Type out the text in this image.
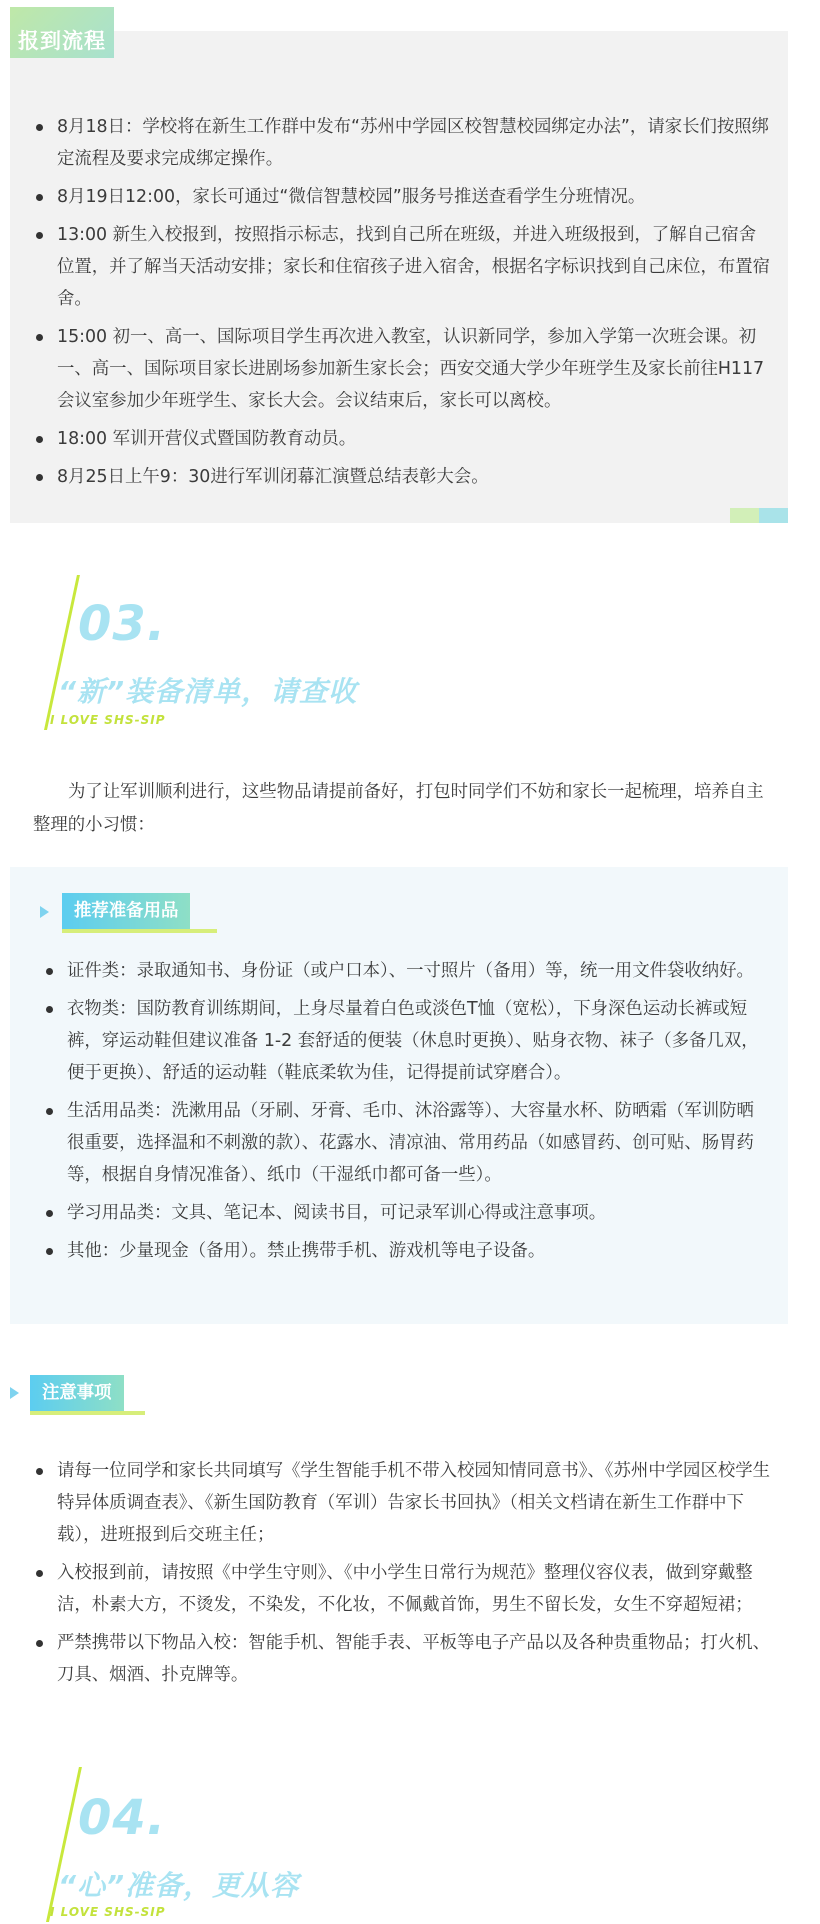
报到流程
8月18日：学校将在新生工作群中发布“苏州中学园区校智慧校园绑定办法”，请家长们按照绑定流程及要求完成绑定操作。
8月19日12:00，家长可通过“微信智慧校园”服务号推送查看学生分班情况。
13:00 新生入校报到，按照指示标志，找到自己所在班级，并进入班级报到，了解自己宿舍位置，并了解当天活动安排；家长和住宿孩子进入宿舍，根据名字标识找到自己床位，布置宿舍。
15:00 初一、高一、国际项目学生再次进入教室，认识新同学，参加入学第一次班会课。初一、高一、国际项目家长进剧场参加新生家长会；西安交通大学少年班学生及家长前往H117会议室参加少年班学生、家长大会。会议结束后，家长可以离校。
18:00 军训开营仪式暨国防教育动员。
8月25日上午9：30进行军训闭幕汇演暨总结表彰大会。
03.
“新”装备清单，请查收
I LOVE SHS-SIP
为了让军训顺利进行，这些物品请提前备好，打包时同学们不妨和家长一起梳理，培养自主整理的小习惯：
推荐准备用品
证件类：录取通知书、身份证（或户口本）、一寸照片（备用）等，统一用文件袋收纳好。
衣物类：国防教育训练期间，上身尽量着白色或淡色T恤（宽松），下身深色运动长裤或短裤，穿运动鞋但建议准备 1-2 套舒适的便装（休息时更换）、贴身衣物、袜子（多备几双，便于更换）、舒适的运动鞋（鞋底柔软为佳，记得提前试穿磨合）。
生活用品类：洗漱用品（牙刷、牙膏、毛巾、沐浴露等）、大容量水杯、防晒霜（军训防晒很重要，选择温和不刺激的款）、花露水、清凉油、常用药品（如感冒药、创可贴、肠胃药等，根据自身情况准备）、纸巾（干湿纸巾都可备一些）。
学习用品类：文具、笔记本、阅读书目，可记录军训心得或注意事项。
其他：少量现金（备用）。禁止携带手机、游戏机等电子设备。
注意事项
请每一位同学和家长共同填写《学生智能手机不带入校园知情同意书》、《苏州中学园区校学生特异体质调查表》、《新生国防教育（军训）告家长书回执》（相关文档请在新生工作群中下载），进班报到后交班主任；
入校报到前，请按照《中学生守则》、《中小学生日常行为规范》整理仪容仪表，做到穿戴整洁，朴素大方，不烫发，不染发，不化妆，不佩戴首饰，男生不留长发，女生不穿超短裙；
严禁携带以下物品入校：智能手机、智能手表、平板等电子产品以及各种贵重物品；打火机、刀具、烟酒、扑克牌等。
04.
“心”准备，更从容
I LOVE SHS-SIP
